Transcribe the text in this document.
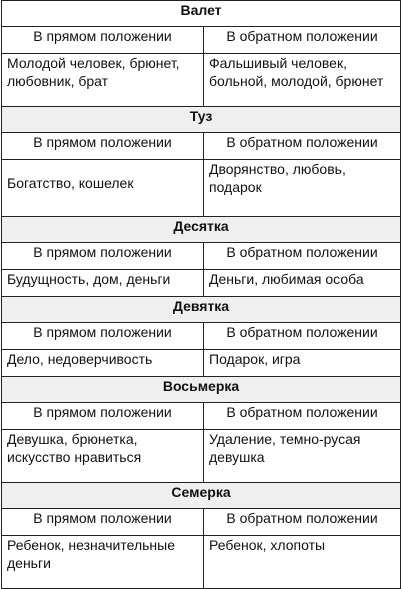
Валет	
В прямом положении	В обратном положении
Молодой человек, брюнет, любовник, брат	Фальшивый человек, больной, молодой, брюнет
Туз	
В прямом положении	В обратном положении
Богатство, кошелек	Дворянство, любовь, подарок
Десятка	
В прямом положении	В обратном положении
Будущность, дом, деньги	Деньги, любимая особа
Девятка	
В прямом положении	В обратном положении
Дело, недоверчивость	Подарок, игра
Восьмерка	
В прямом положении	В обратном положении
Девушка, брюнетка, искусство нравиться	Удаление, темно-русая девушка
Семерка	
В прямом положении	В обратном положении
Ребенок, незначительные деньги	Ребенок, хлопоты
